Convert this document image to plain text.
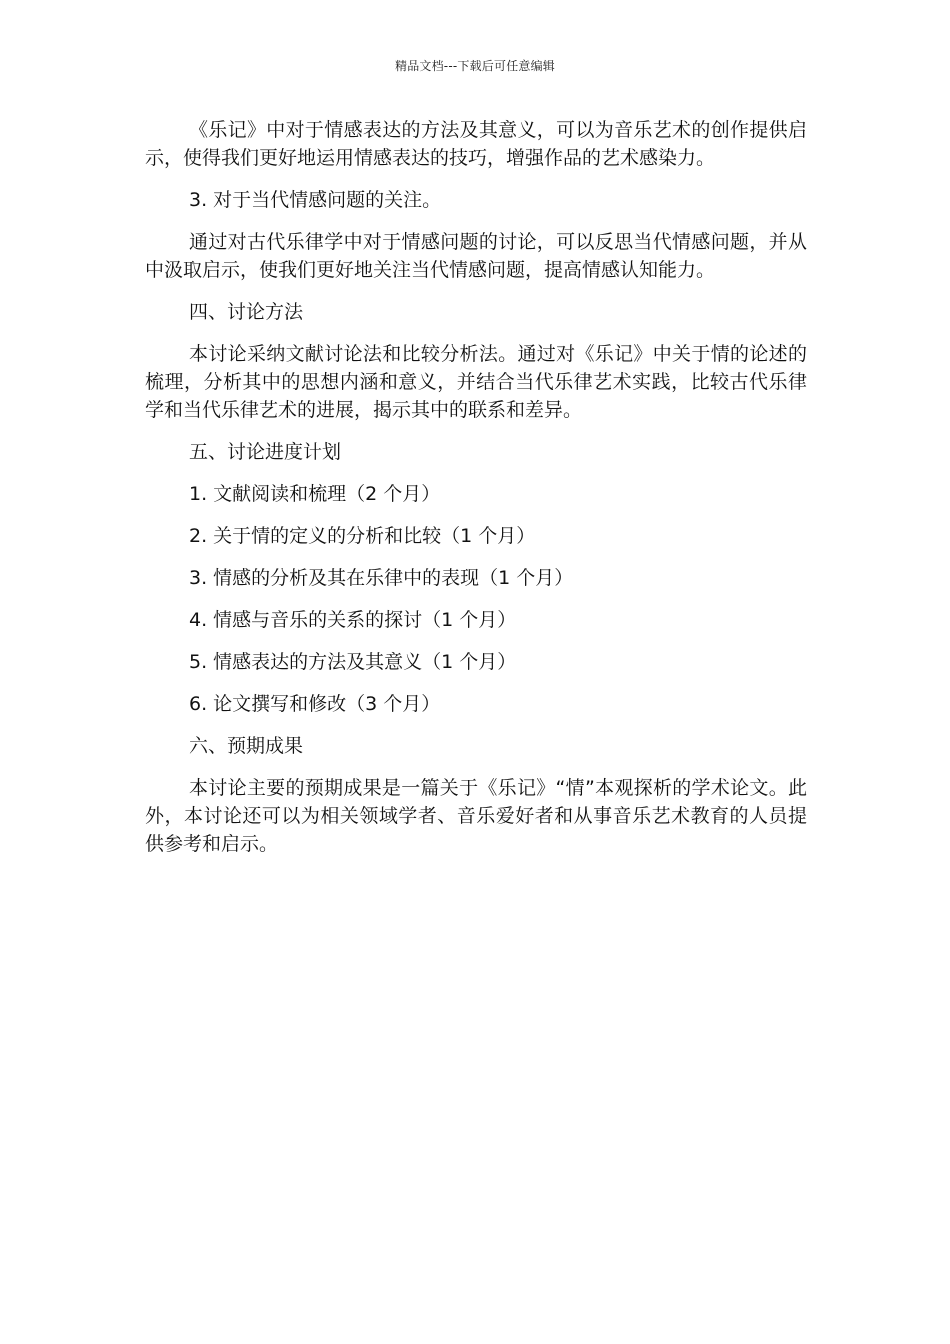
精品文档---下载后可任意编辑

《乐记》中对于情感表达的方法及其意义，可以为音乐艺术的创作提供启示，使得我们更好地运用情感表达的技巧，增强作品的艺术感染力。

3. 对于当代情感问题的关注。

通过对古代乐律学中对于情感问题的讨论，可以反思当代情感问题，并从中汲取启示，使我们更好地关注当代情感问题，提高情感认知能力。

四、讨论方法

本讨论采纳文献讨论法和比较分析法。通过对《乐记》中关于情的论述的梳理，分析其中的思想内涵和意义，并结合当代乐律艺术实践，比较古代乐律学和当代乐律艺术的进展，揭示其中的联系和差异。

五、讨论进度计划

1. 文献阅读和梳理（2 个月）

2. 关于情的定义的分析和比较（1 个月）

3. 情感的分析及其在乐律中的表现（1 个月）

4. 情感与音乐的关系的探讨（1 个月）

5. 情感表达的方法及其意义（1 个月）

6. 论文撰写和修改（3 个月）

六、预期成果

本讨论主要的预期成果是一篇关于《乐记》“情”本观探析的学术论文。此外，本讨论还可以为相关领域学者、音乐爱好者和从事音乐艺术教育的人员提供参考和启示。
